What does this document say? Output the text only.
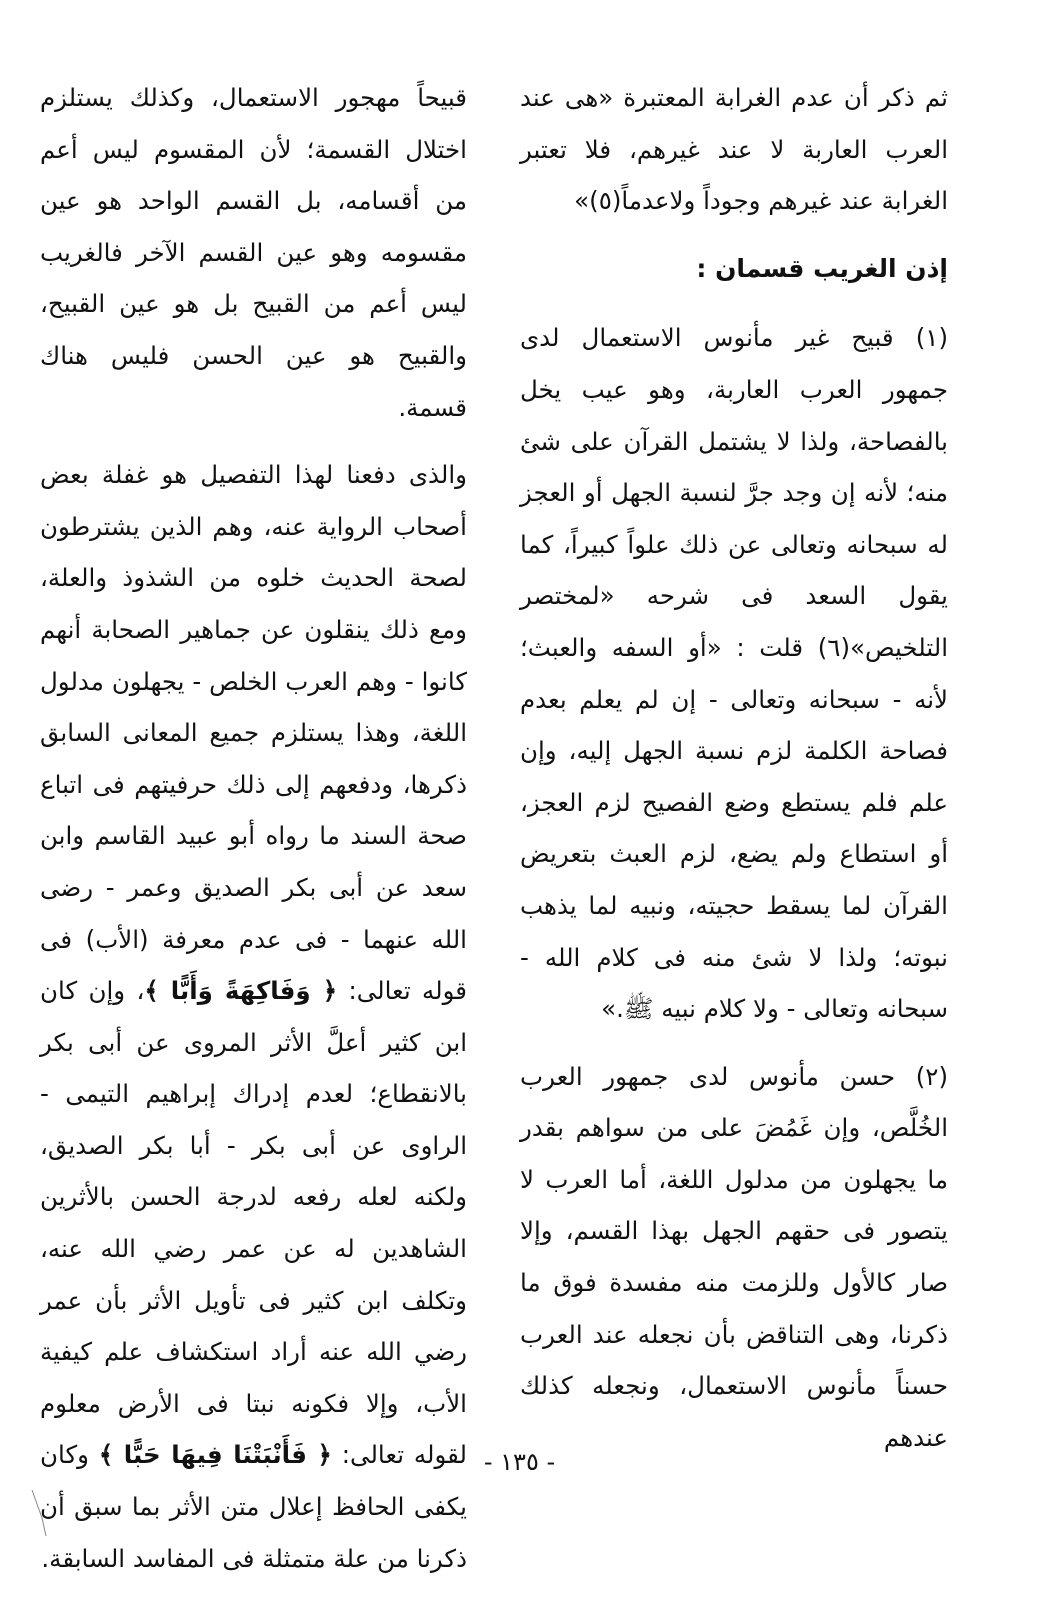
ثم ذكر أن عدم الغرابة المعتبرة «هى عند العرب العاربة لا عند غيرهم، فلا تعتبر الغرابة عند غيرهم وجوداً ولاعدماً(٥)»

إذن الغريب قسمان :

(١) قبيح غير مأنوس الاستعمال لدى جمهور العرب العاربة، وهو عيب يخل بالفصاحة، ولذا لا يشتمل القرآن على شئ منه؛ لأنه إن وجد جرَّ لنسبة الجهل أو العجز له سبحانه وتعالى عن ذلك علواً كبيراً، كما يقول السعد فى شرحه «لمختصر التلخيص»(٦) قلت : «أو السفه والعبث؛ لأنه - سبحانه وتعالى - إن لم يعلم بعدم فصاحة الكلمة لزم نسبة الجهل إليه، وإن علم فلم يستطع وضع الفصيح لزم العجز، أو استطاع ولم يضع، لزم العبث بتعريض القرآن لما يسقط حجيته، ونبيه لما يذهب نبوته؛ ولذا لا شئ منه فى كلام الله - سبحانه وتعالى - ولا كلام نبيه ﷺ.»

(٢) حسن مأنوس لدى جمهور العرب الخُلَّص، وإن غَمُضَ على من سواهم بقدر ما يجهلون من مدلول اللغة، أما العرب لا يتصور فى حقهم الجهل بهذا القسم، وإلا صار كالأول وللزمت منه مفسدة فوق ما ذكرنا، وهى التناقض بأن نجعله عند العرب حسناً مأنوس الاستعمال، ونجعله كذلك عندهم

قبيحاً مهجور الاستعمال، وكذلك يستلزم اختلال القسمة؛ لأن المقسوم ليس أعم من أقسامه، بل القسم الواحد هو عين مقسومه وهو عين القسم الآخر فالغريب ليس أعم من القبيح بل هو عين القبيح، والقبيح هو عين الحسن فليس هناك قسمة.

والذى دفعنا لهذا التفصيل هو غفلة بعض أصحاب الرواية عنه، وهم الذين يشترطون لصحة الحديث خلوه من الشذوذ والعلة، ومع ذلك ينقلون عن جماهير الصحابة أنهم كانوا - وهم العرب الخلص - يجهلون مدلول اللغة، وهذا يستلزم جميع المعانى السابق ذكرها، ودفعهم إلى ذلك حرفيتهم فى اتباع صحة السند ما رواه أبو عبيد القاسم وابن سعد عن أبى بكر الصديق وعمر - رضى الله عنهما - فى عدم معرفة (الأب) فى قوله تعالى: ﴿ وَفَاكِهَةً وَأَبًّا ﴾، وإن كان ابن كثير أعلَّ الأثر المروى عن أبى بكر بالانقطاع؛ لعدم إدراك إبراهيم التيمى - الراوى عن أبى بكر - أبا بكر الصديق، ولكنه لعله رفعه لدرجة الحسن بالأثرين الشاهدين له عن عمر رضي الله عنه، وتكلف ابن كثير فى تأويل الأثر بأن عمر رضي الله عنه أراد استكشاف علم كيفية الأب، وإلا فكونه نبتا فى الأرض معلوم لقوله تعالى: ﴿ فَأَنْبَتْنَا فِيهَا حَبًّا ﴾ وكان يكفى الحافظ إعلال متن الأثر بما سبق أن ذكرنا من علة متمثلة فى المفاسد السابقة.

- ١٣٥ -
